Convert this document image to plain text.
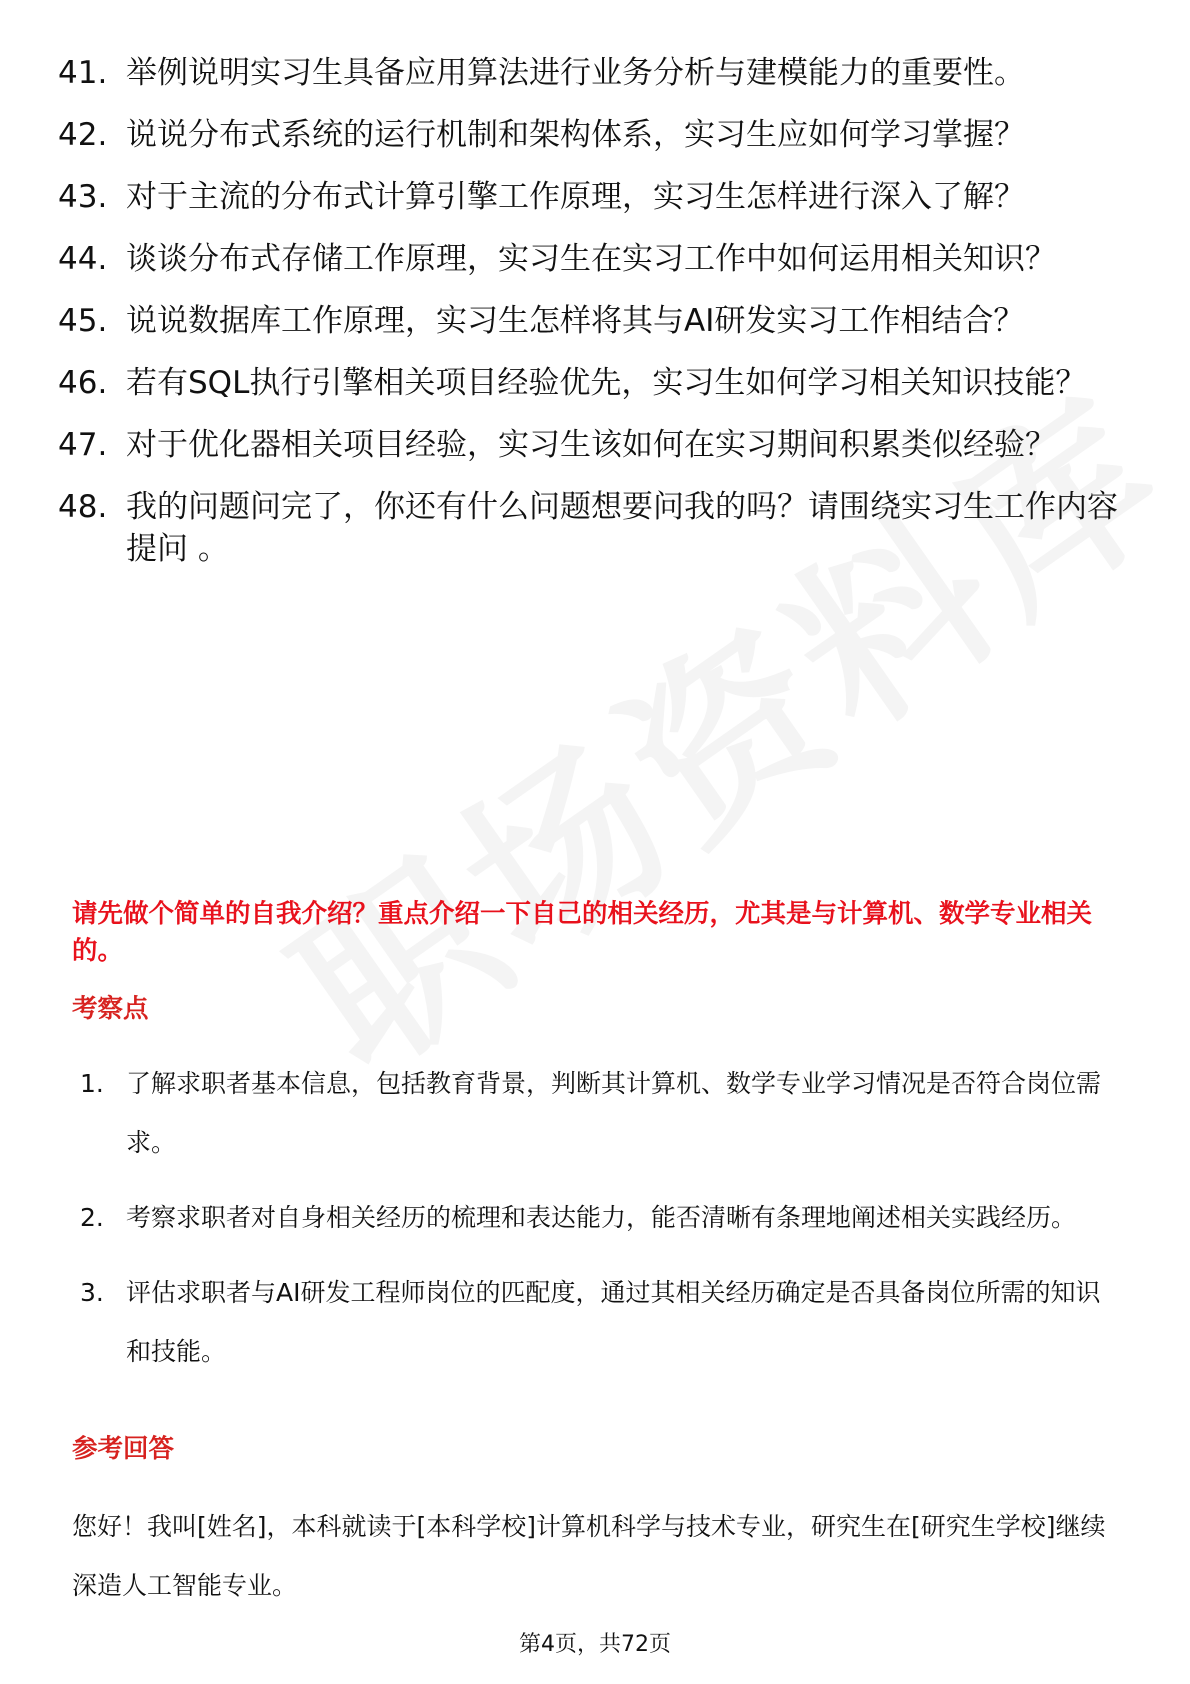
41. 举例说明实习生具备应用算法进行业务分析与建模能力的重要性。
42. 说说分布式系统的运行机制和架构体系，实习生应如何学习掌握？
43. 对于主流的分布式计算引擎工作原理，实习生怎样进行深入了解？
44. 谈谈分布式存储工作原理，实习生在实习工作中如何运用相关知识？
45. 说说数据库工作原理，实习生怎样将其与AI研发实习工作相结合？
46. 若有SQL执行引擎相关项目经验优先，实习生如何学习相关知识技能？
47. 对于优化器相关项目经验，实习生该如何在实习期间积累类似经验？
48. 我的问题问完了，你还有什么问题想要问我的吗？请围绕实习生工作内容提问 。
请先做个简单的自我介绍？重点介绍一下自己的相关经历，尤其是与计算机、数学专业相关的。
考察点
1. 了解求职者基本信息，包括教育背景，判断其计算机、数学专业学习情况是否符合岗位需求。
2. 考察求职者对自身相关经历的梳理和表达能力，能否清晰有条理地阐述相关实践经历。
3. 评估求职者与AI研发工程师岗位的匹配度，通过其相关经历确定是否具备岗位所需的知识和技能。
参考回答
您好！我叫[姓名]，本科就读于[本科学校]计算机科学与技术专业，研究生在[研究生学校]继续深造人工智能专业。
第4页，共72页
